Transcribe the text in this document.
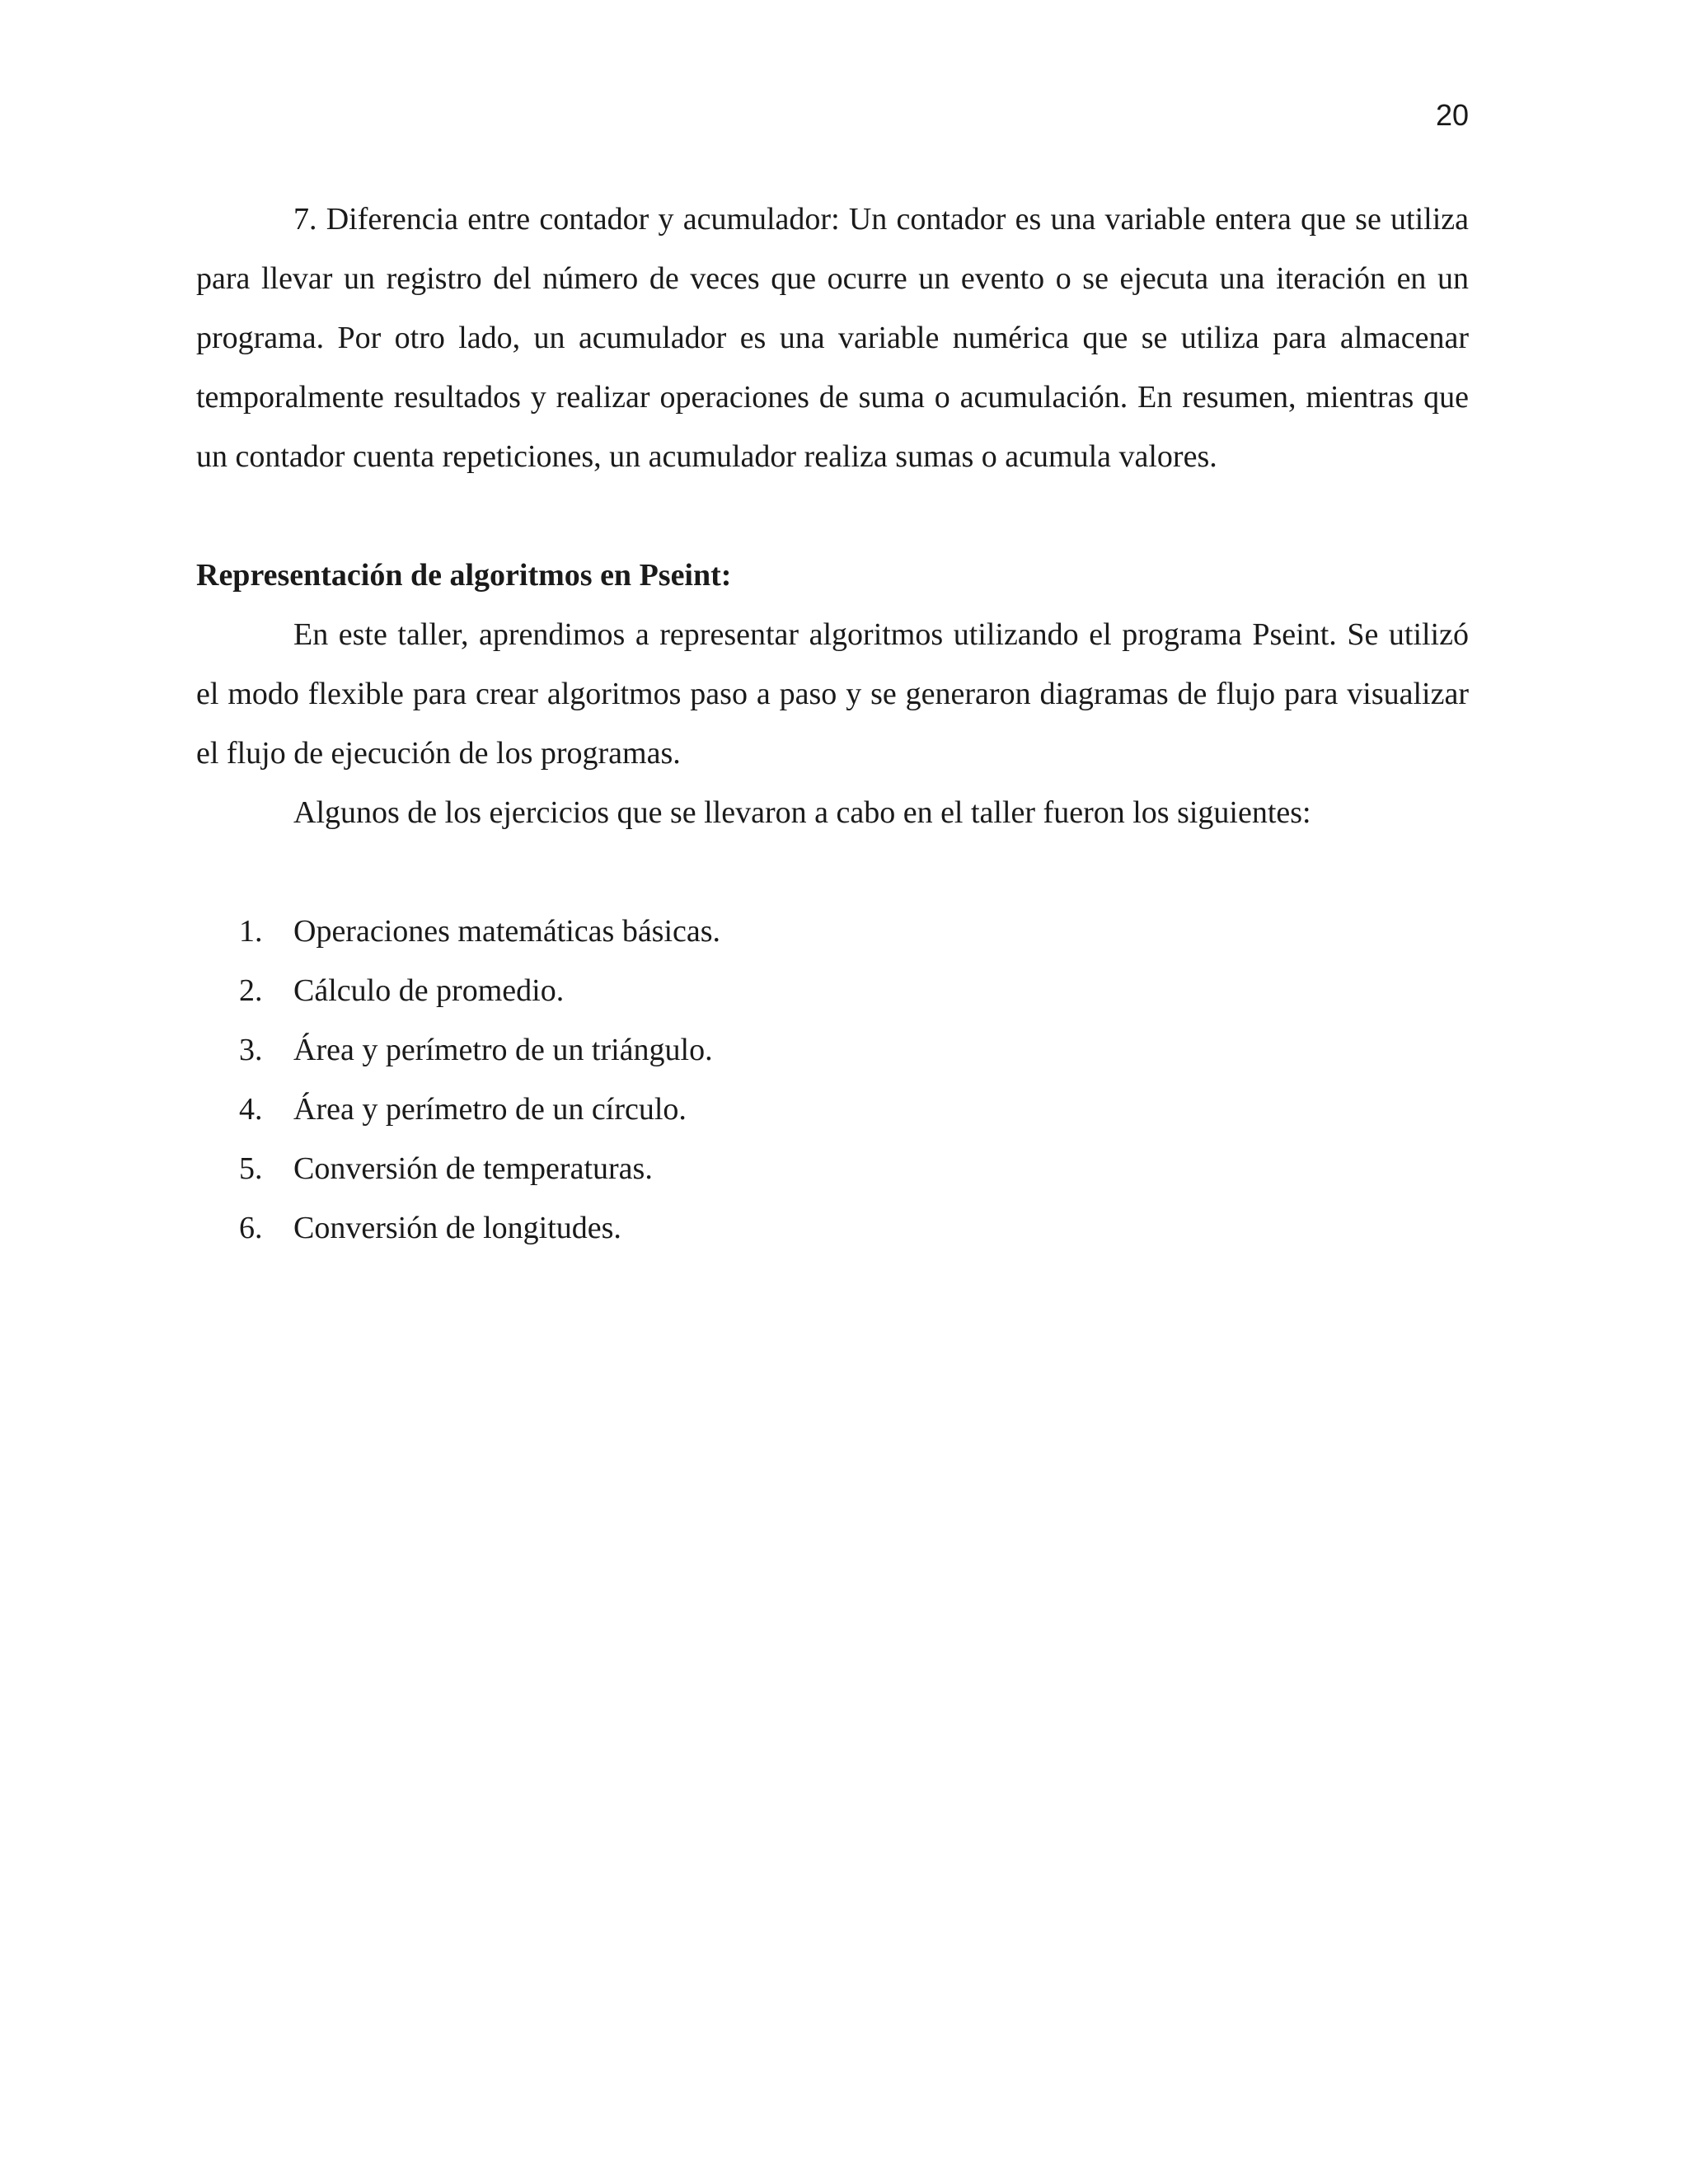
20

7. Diferencia entre contador y acumulador: Un contador es una variable entera que se utiliza para llevar un registro del número de veces que ocurre un evento o se ejecuta una iteración en un programa. Por otro lado, un acumulador es una variable numérica que se utiliza para almacenar temporalmente resultados y realizar operaciones de suma o acumulación. En resumen, mientras que un contador cuenta repeticiones, un acumulador realiza sumas o acumula valores.

Representación de algoritmos en Pseint:

En este taller, aprendimos a representar algoritmos utilizando el programa Pseint. Se utilizó el modo flexible para crear algoritmos paso a paso y se generaron diagramas de flujo para visualizar el flujo de ejecución de los programas.

Algunos de los ejercicios que se llevaron a cabo en el taller fueron los siguientes:

1. Operaciones matemáticas básicas.
2. Cálculo de promedio.
3. Área y perímetro de un triángulo.
4. Área y perímetro de un círculo.
5. Conversión de temperaturas.
6. Conversión de longitudes.
